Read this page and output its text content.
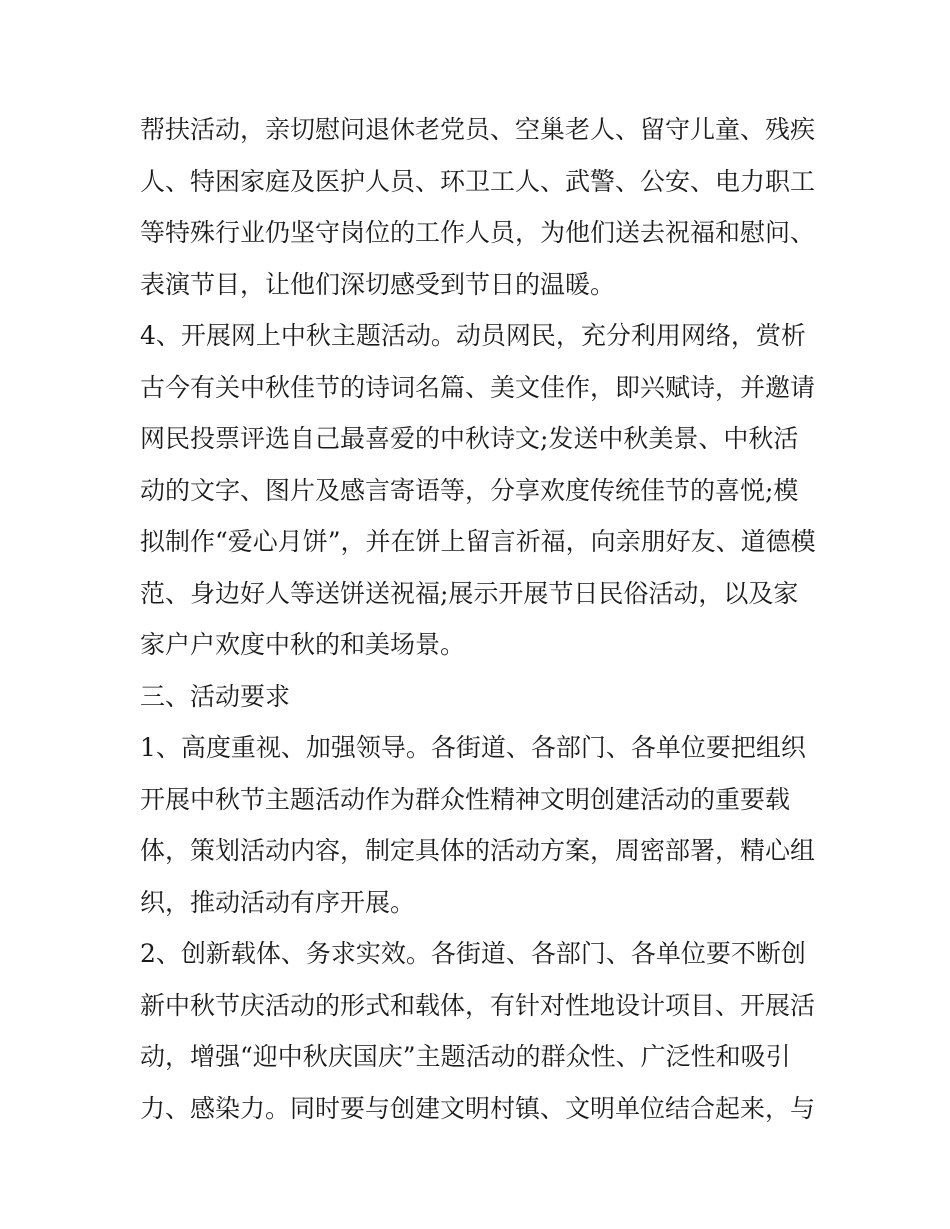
帮扶活动，亲切慰问退休老党员、空巢老人、留守儿童、残疾
人、特困家庭及医护人员、环卫工人、武警、公安、电力职工
等特殊行业仍坚守岗位的工作人员，为他们送去祝福和慰问、
表演节目，让他们深切感受到节日的温暖。
4、开展网上中秋主题活动。动员网民，充分利用网络，赏析
古今有关中秋佳节的诗词名篇、美文佳作，即兴赋诗，并邀请
网民投票评选自己最喜爱的中秋诗文;发送中秋美景、中秋活
动的文字、图片及感言寄语等，分享欢度传统佳节的喜悦;模
拟制作“爱心月饼”，并在饼上留言祈福，向亲朋好友、道德模
范、身边好人等送饼送祝福;展示开展节日民俗活动，以及家
家户户欢度中秋的和美场景。
三、活动要求
1、高度重视、加强领导。各街道、各部门、各单位要把组织
开展中秋节主题活动作为群众性精神文明创建活动的重要载
体，策划活动内容，制定具体的活动方案，周密部署，精心组
织，推动活动有序开展。
2、创新载体、务求实效。各街道、各部门、各单位要不断创
新中秋节庆活动的形式和载体，有针对性地设计项目、开展活
动，增强“迎中秋庆国庆”主题活动的群众性、广泛性和吸引
力、感染力。同时要与创建文明村镇、文明单位结合起来，与
